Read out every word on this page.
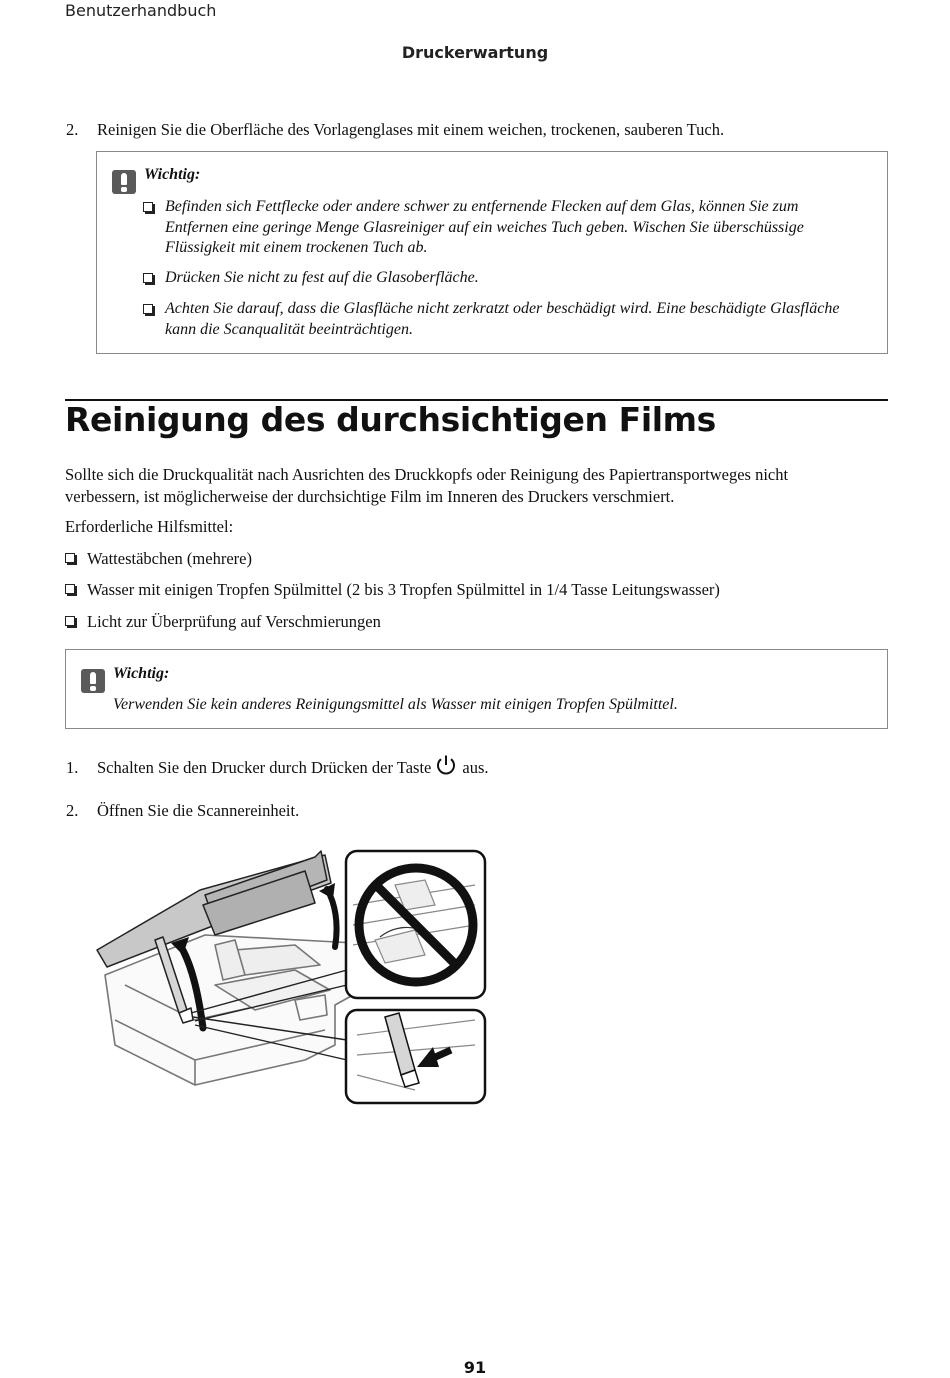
Benutzerhandbuch
Druckerwartung
2. Reinigen Sie die Oberfläche des Vorlagenglases mit einem weichen, trockenen, sauberen Tuch.
Wichtig:
Befinden sich Fettflecke oder andere schwer zu entfernende Flecken auf dem Glas, können Sie zum
Entfernen eine geringe Menge Glasreiniger auf ein weiches Tuch geben. Wischen Sie überschüssige
Flüssigkeit mit einem trockenen Tuch ab.
Drücken Sie nicht zu fest auf die Glasoberfläche.
Achten Sie darauf, dass die Glasfläche nicht zerkratzt oder beschädigt wird. Eine beschädigte Glasfläche
kann die Scanqualität beeinträchtigen.
Reinigung des durchsichtigen Films
Sollte sich die Druckqualität nach Ausrichten des Druckkopfs oder Reinigung des Papiertransportweges nicht
verbessern, ist möglicherweise der durchsichtige Film im Inneren des Druckers verschmiert.
Erforderliche Hilfsmittel:
Wattestäbchen (mehrere)
Wasser mit einigen Tropfen Spülmittel (2 bis 3 Tropfen Spülmittel in 1/4 Tasse Leitungswasser)
Licht zur Überprüfung auf Verschmierungen
Wichtig:
Verwenden Sie kein anderes Reinigungsmittel als Wasser mit einigen Tropfen Spülmittel.
1. Schalten Sie den Drucker durch Drücken der Taste aus.
2. Öffnen Sie die Scannereinheit.
91
